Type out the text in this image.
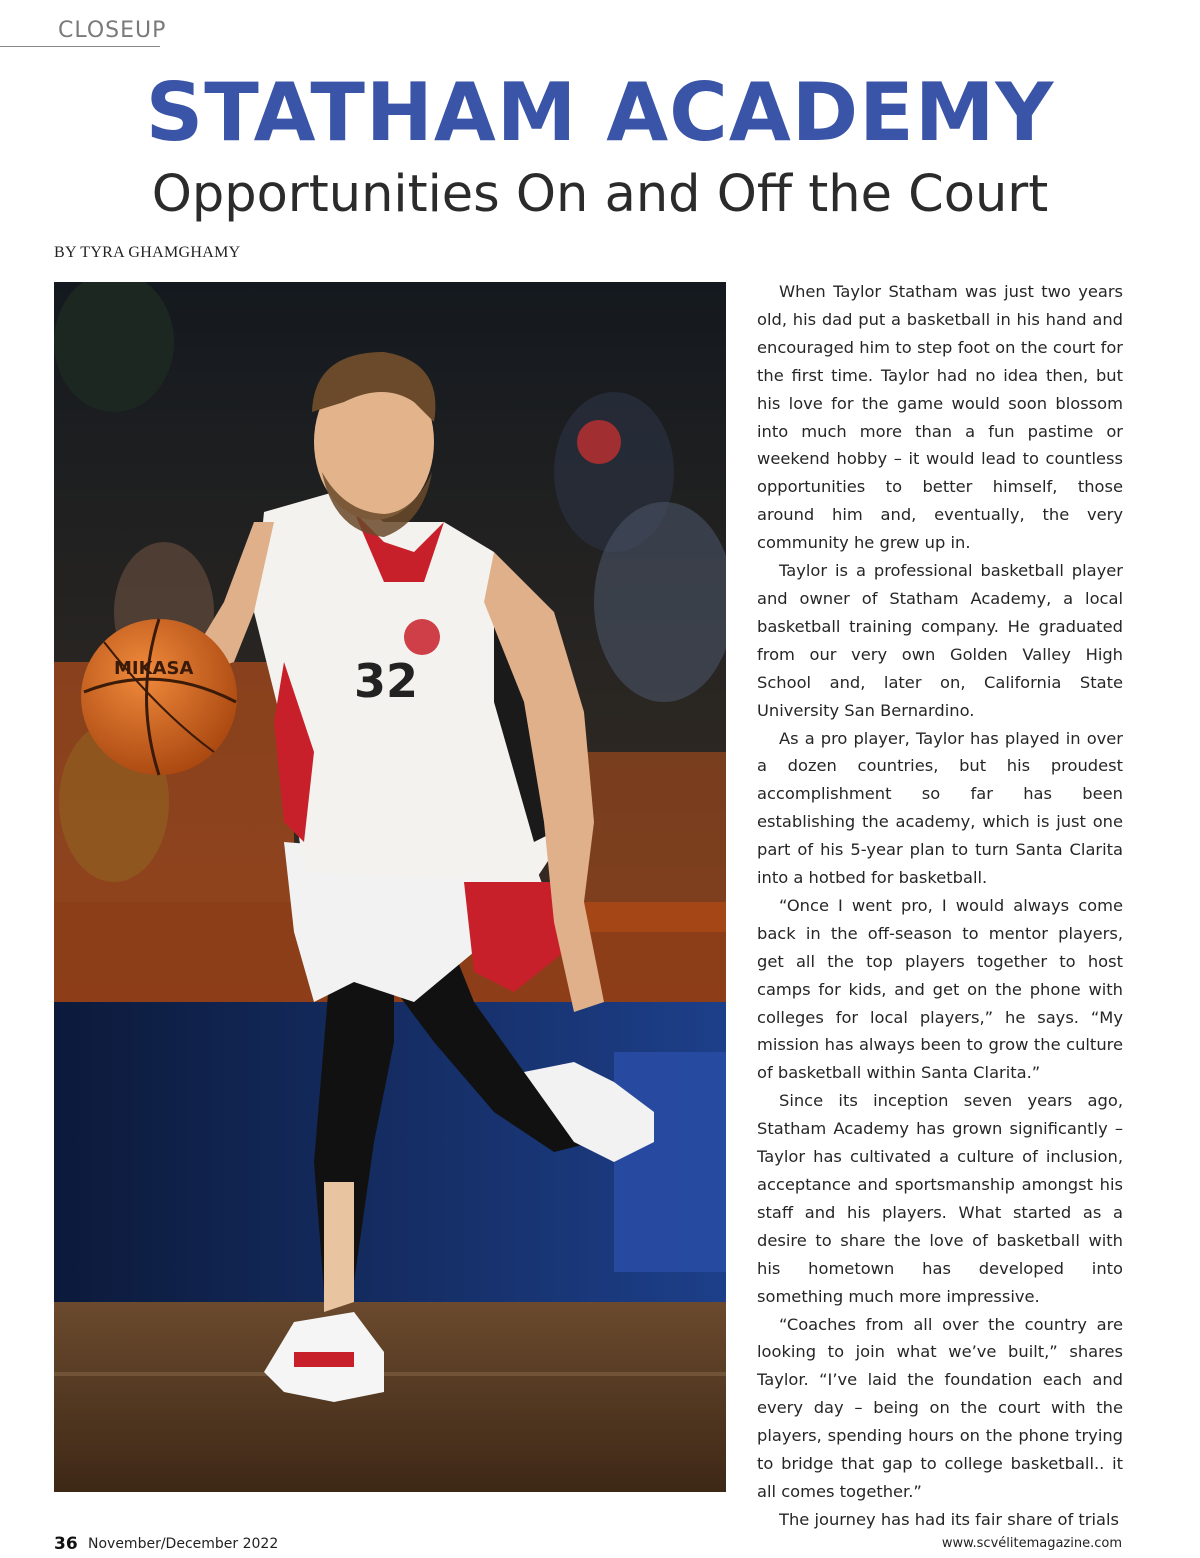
CLOSEUP
STATHAM ACADEMY
Opportunities On and Off the Court
BY TYRA GHAMGHAMY
32
MIKASA

When Taylor Statham was just two years old, his dad put a basketball in his hand and encouraged him to step foot on the court for the first time. Taylor had no idea then, but his love for the game would soon blossom into much more than a fun pastime or weekend hobby – it would lead to countless opportunities to better himself, those around him and, eventually, the very community he grew up in.

Taylor is a professional basketball player and owner of Statham Academy, a local basketball training company. He graduated from our very own Golden Valley High School and, later on, California State University San Bernardino.

As a pro player, Taylor has played in over a dozen countries, but his proudest accomplishment so far has been establishing the academy, which is just one part of his 5-year plan to turn Santa Clarita into a hotbed for basketball.

“Once I went pro, I would always come back in the off-season to mentor players, get all the top players together to host camps for kids, and get on the phone with colleges for local players,” he says. “My mission has always been to grow the culture of basketball within Santa Clarita.”

Since its inception seven years ago, Statham Academy has grown significantly – Taylor has cultivated a culture of inclusion, acceptance and sportsmanship amongst his staff and his players. What started as a desire to share the love of basketball with his hometown has developed into something much more impressive.

“Coaches from all over the country are looking to join what we’ve built,” shares Taylor. “I’ve laid the foundation each and every day – being on the court with the players, spending hours on the phone trying to bridge that gap to college basketball.. it all comes together.”

The journey has had its fair share of trials

36 November/December 2022	www.scvélitemagazine.com
